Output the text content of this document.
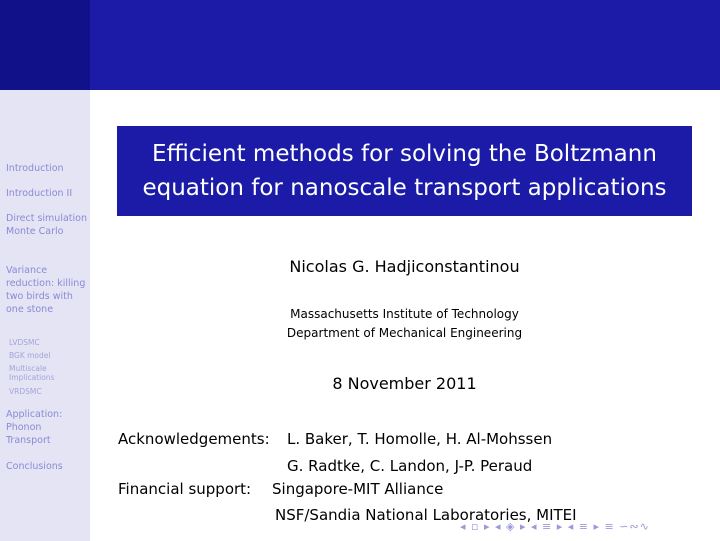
Introduction
Introduction II
Direct simulation Monte Carlo
Variance reduction: killing two birds with one stone
LVDSMC
BGK model
Multiscale Implications
VRDSMC
Application: Phonon Transport
Conclusions
Efficient methods for solving the Boltzmann
equation for nanoscale transport applications
Nicolas G. Hadjiconstantinou
Massachusetts Institute of Technology
Department of Mechanical Engineering
8 November 2011
Acknowledgements: L. Baker, T. Homolle, H. Al-Mohssen
G. Radtke, C. Landon, J-P. Peraud
Financial support: Singapore-MIT Alliance
NSF/Sandia National Laboratories, MITEI
◂ ▫ ▸ ◂ ◈ ▸ ◂ ≡ ▸ ◂ ≡ ▸ ≡ ∽∾∿
